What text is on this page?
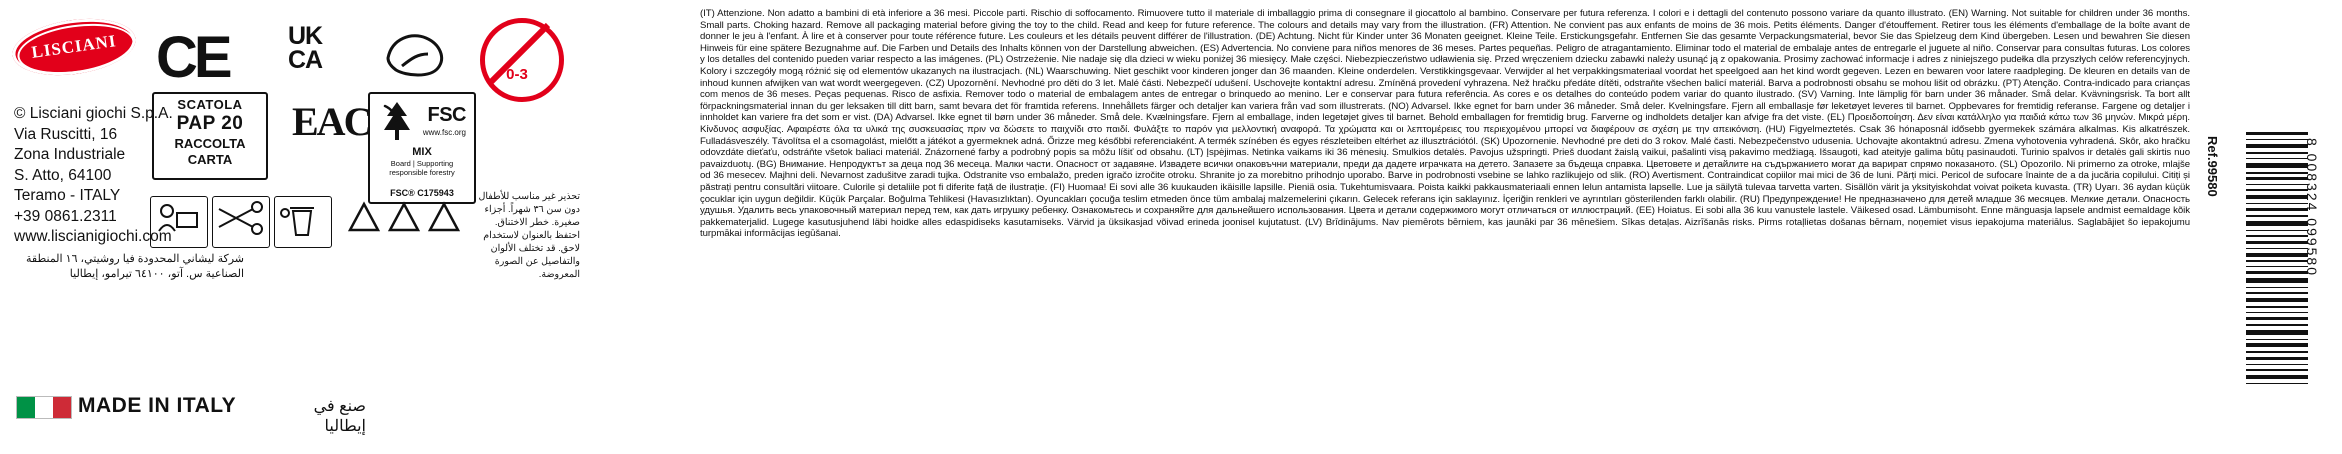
LISCIANI
© Lisciani giochi S.p.A.
Via Ruscitti, 16
Zona Industriale
S. Atto, 64100
Teramo - ITALY
+39 0861.2311
www.liscianigiochi.com
شركة ليشاني المحدودة فيا روشيتي، ١٦ المنطقة الصناعية س. آتو، ٦٤١٠٠ تيرامو، إيطاليا
MADE IN ITALY	صنع في إيطاليا
CE UK
CA
0-3
SCATOLA
PAP 20
RACCOLTA
CARTA
EAC	FSC
www.fsc.org
MIX
Board | Supporting responsible forestry
FSC® C175943	تحذير غير مناسب للأطفال دون سن ٣٦ شهراً. أجزاء صغيرة. خطر الاختناق. احتفظ بالعنوان لاستخدام لاحق. قد تختلف الألوان والتفاصيل عن الصورة المعروضة.
(IT) Attenzione. Non adatto a bambini di età inferiore a 36 mesi. Piccole parti. Rischio di soffocamento. Rimuovere tutto il materiale di imballaggio prima di consegnare il giocattolo al bambino. Conservare per futura referenza. I colori e i dettagli del contenuto possono variare da quanto illustrato. (EN) Warning. Not suitable for children under 36 months. Small parts. Choking hazard. Remove all packaging material before giving the toy to the child. Read and keep for future reference. The colours and details may vary from the illustration. (FR) Attention. Ne convient pas aux enfants de moins de 36 mois. Petits éléments. Danger d'étouffement. Retirer tous les éléments d'emballage de la boîte avant de donner le jeu à l'enfant. À lire et à conserver pour toute référence future. Les couleurs et les détails peuvent différer de l'illustration. (DE) Achtung. Nicht für Kinder unter 36 Monaten geeignet. Kleine Teile. Erstickungsgefahr. Entfernen Sie das gesamte Verpackungsmaterial, bevor Sie das Spielzeug dem Kind übergeben. Lesen und bewahren Sie diesen Hinweis für eine spätere Bezugnahme auf. Die Farben und Details des Inhalts können von der Darstellung abweichen. (ES) Advertencia. No conviene para niños menores de 36 meses. Partes pequeñas. Peligro de atragantamiento. Eliminar todo el material de embalaje antes de entregarle el juguete al niño. Conservar para consultas futuras. Los colores y los detalles del contenido pueden variar respecto a las imágenes. (PL) Ostrzeżenie. Nie nadaje się dla dzieci w wieku poniżej 36 miesięcy. Małe części. Niebezpieczeństwo udławienia się. Przed wręczeniem dziecku zabawki należy usunąć ją z opakowania. Prosimy zachować informacje i adres z niniejszego pudełka dla przyszłych celów referencyjnych. Kolory i szczegóły mogą różnić się od elementów ukazanych na ilustracjach. (NL) Waarschuwing. Niet geschikt voor kinderen jonger dan 36 maanden. Kleine onderdelen. Verstikkingsgevaar. Verwijder al het verpakkingsmateriaal voordat het speelgoed aan het kind wordt gegeven. Lezen en bewaren voor latere raadpleging. De kleuren en details van de inhoud kunnen afwijken van wat wordt weergegeven. (CZ) Upozornění. Nevhodné pro děti do 3 let. Malé části. Nebezpečí udušení. Uschovejte kontaktní adresu. Zmíněná provedení vyhrazena. Než hračku předáte dítěti, odstraňte všechen balicí materiál. Barva a podrobnosti obsahu se mohou lišit od obrázku. (PT) Atenção. Contra-indicado para crianças com menos de 36 meses. Peças pequenas. Risco de asfixia. Remover todo o material de embalagem antes de entregar o brinquedo ao menino. Ler e conservar para futura referência. As cores e os detalhes do conteúdo podem variar do quanto ilustrado. (SV) Varning. Inte lämplig för barn under 36 månader. Små delar. Kvävningsrisk. Ta bort allt förpackningsmaterial innan du ger leksaken till ditt barn, samt bevara det för framtida referens. Innehållets färger och detaljer kan variera från vad som illustrerats. (NO) Advarsel. Ikke egnet for barn under 36 måneder. Små deler. Kvelningsfare. Fjern all emballasje før leketøyet leveres til barnet. Oppbevares for fremtidig referanse. Fargene og detaljer i innholdet kan variere fra det som er vist. (DA) Advarsel. Ikke egnet til børn under 36 måneder. Små dele. Kvælningsfare. Fjern al emballage, inden legetøjet gives til barnet. Behold emballagen for fremtidig brug. Farverne og indholdets detaljer kan afvige fra det viste. (EL) Προειδοποίηση. Δεν είναι κατάλληλο για παιδιά κάτω των 36 μηνών. Μικρά μέρη. Κίνδυνος ασφυξίας. Αφαιρέστε όλα τα υλικά της συσκευασίας πριν να δώσετε το παιχνίδι στο παιδί. Φυλάξτε το παρόν για μελλοντική αναφορά. Τα χρώματα και οι λεπτομέρειες του περιεχομένου μπορεί να διαφέρουν σε σχέση με την απεικόνιση. (HU) Figyelmeztetés. Csak 36 hónaposnál idősebb gyermekek számára alkalmas. Kis alkatrészek. Fulladásveszély. Távolítsa el a csomagolást, mielőtt a játékot a gyermeknek adná. Őrizze meg későbbi referenciaként. A termék színében és egyes részleteiben eltérhet az illusztrációtól. (SK) Upozornenie. Nevhodné pre deti do 3 rokov. Malé časti. Nebezpečenstvo udusenia. Uchovajte akontaktnú adresu. Zmena vyhotovenia vyhradená. Skôr, ako hračku odovzdáte dieťaťu, odstráňte všetok baliaci materiál. Znázornené farby a podrobný popis sa môžu líšiť od obsahu. (LT) Įspėjimas. Netinka vaikams iki 36 mėnesių. Smulkios detalės. Pavojus užspringti. Prieš duodant žaislą vaikui, pašalinti visą pakavimo medžiagą. Išsaugoti, kad ateityje galima būtų pasinaudoti. Turinio spalvos ir detalės gali skirtis nuo pavaizduotų. (BG) Внимание. Непродуктът за деца под 36 месеца. Малки части. Опасност от задавяне. Извадете всички опаковъчни материали, преди да дадете играчката на детето. Запазете за бъдеща справка. Цветовете и детайлите на съдържанието могат да варират спрямо показаното. (SL) Opozorilo. Ni primerno za otroke, mlajše od 36 mesecev. Majhni deli. Nevarnost zadušitve zaradi tujka. Odstranite vso embalažo, preden igračo izročite otroku. Shranite jo za morebitno prihodnjo uporabo. Barve in podrobnosti vsebine se lahko razlikujejo od slik. (RO) Avertisment. Contraindicat copiilor mai mici de 36 de luni. Părți mici. Pericol de sufocare înainte de a da jucăria copilului. Citiți și păstrați pentru consultări viitoare. Culorile și detaliile pot fi diferite față de ilustrație. (FI) Huomaa! Ei sovi alle 36 kuukauden ikäisille lapsille. Pieniä osia. Tukehtumisvaara. Poista kaikki pakkausmateriaali ennen lelun antamista lapselle. Lue ja säilytä tulevaa tarvetta varten. Sisällön värit ja yksityiskohdat voivat poiketa kuvasta. (TR) Uyarı. 36 aydan küçük çocuklar için uygun değildir. Küçük Parçalar. Boğulma Tehlikesi (Havasızlıktan). Oyuncakları çocuğa teslim etmeden önce tüm ambalaj malzemelerini çıkarın. Gelecek referans için saklayınız. İçeriğin renkleri ve ayrıntıları gösterilenden farklı olabilir. (RU) Предупреждение! Не предназначено для детей младше 36 месяцев. Мелкие детали. Опасность удушья. Удалить весь упаковочный материал перед тем, как дать игрушку ребенку. Ознакомьтесь и сохраняйте для дальнейшего использования. Цвета и детали содержимого могут отличаться от иллюстраций. (EE) Hoiatus. Ei sobi alla 36 kuu vanustele lastele. Väikesed osad. Lämbumisoht. Enne mänguasja lapsele andmist eemaldage kõik pakkematerjalid. Lugege kasutusjuhend läbi hoidke alles edaspidiseks kasutamiseks. Värvid ja üksikasjad võivad erineda joonisel kujutatust. (LV) Brīdinājums. Nav piemērots bērniem, kas jaunāki par 36 mēnešiem. Sīkas detaļas. Aizrīšanās risks. Pirms rotaļlietas došanas bērnam, noņemiet visus iepakojuma materiālus. Saglabājiet šo iepakojumu turpmākai informācijas iegūšanai.
Ref.99580	8 008324 099580
